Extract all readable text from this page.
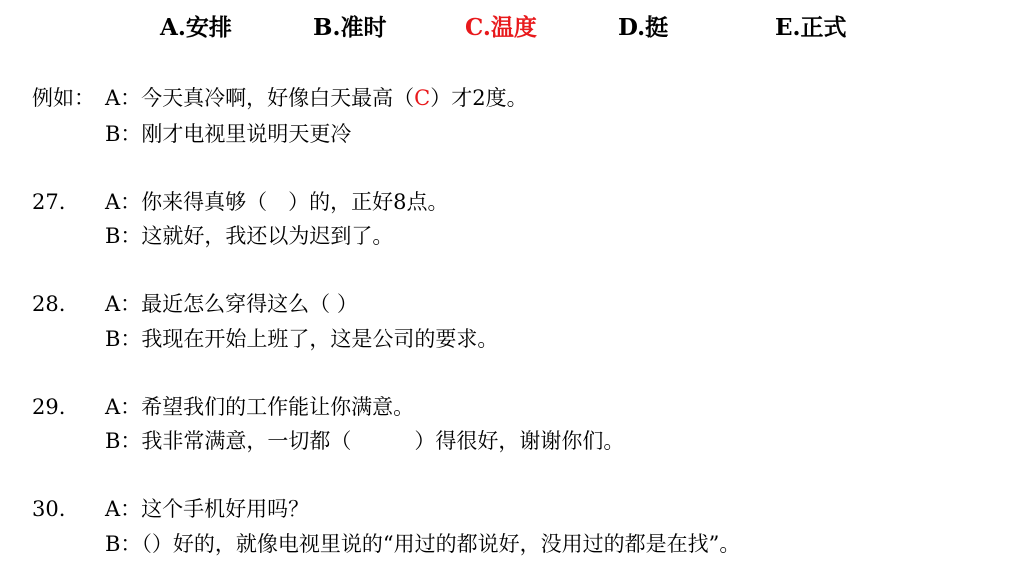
A.安排	B.准时	C.温度	D.挺	E.正式
例如： A：今天真冷啊，好像白天最高（C）才2度。
B：刚才电视里说明天更冷
27. A：你来得真够（　）的，正好8点。
B：这就好，我还以为迟到了。
28. A：最近怎么穿得这么（ ）
B：我现在开始上班了，这是公司的要求。
29. A：希望我们的工作能让你满意。
B：我非常满意，一切都（　　　）得很好，谢谢你们。
30. A：这个手机好用吗？
B：（）好的，就像电视里说的“用过的都说好，没用过的都是在找”。
